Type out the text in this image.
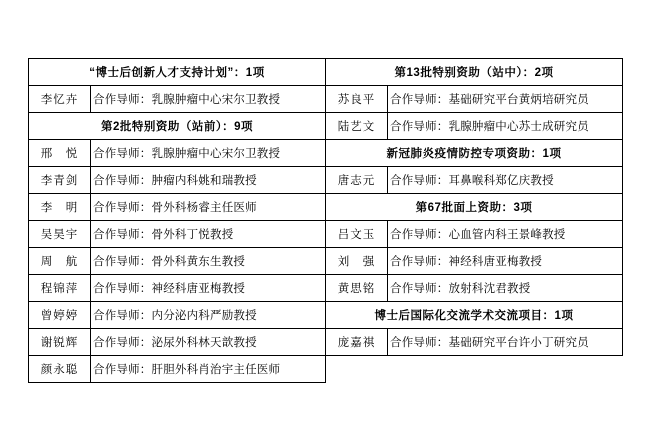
“博士后创新人才支持计划”：1项		第13批特别资助（站中）：2项	
李忆卉	合作导师：乳腺肿瘤中心宋尔卫教授	苏良平	合作导师：基础研究平台黄炳培研究员
第2批特别资助（站前）：9项		陆艺文	合作导师：乳腺肿瘤中心苏士成研究员
邢　悦	合作导师：乳腺肿瘤中心宋尔卫教授	新冠肺炎疫情防控专项资助：1项	
李青剑	合作导师：肿瘤内科姚和瑞教授	唐志元	合作导师：耳鼻喉科郑亿庆教授
李　明	合作导师：骨外科杨睿主任医师	第67批面上资助：3项	
吴昊宇	合作导师：骨外科丁悦教授	吕文玉	合作导师：心血管内科王景峰教授
周　航	合作导师：骨外科黄东生教授	刘　强	合作导师：神经科唐亚梅教授
程锦萍	合作导师：神经科唐亚梅教授	黄思铭	合作导师：放射科沈君教授
曾婷婷	合作导师：内分泌内科严励教授	博士后国际化交流学术交流项目：1项	
谢锐辉	合作导师：泌尿外科林天歆教授	庞嘉祺	合作导师：基础研究平台许小丁研究员
颜永聪	合作导师：肝胆外科肖治宇主任医师		
